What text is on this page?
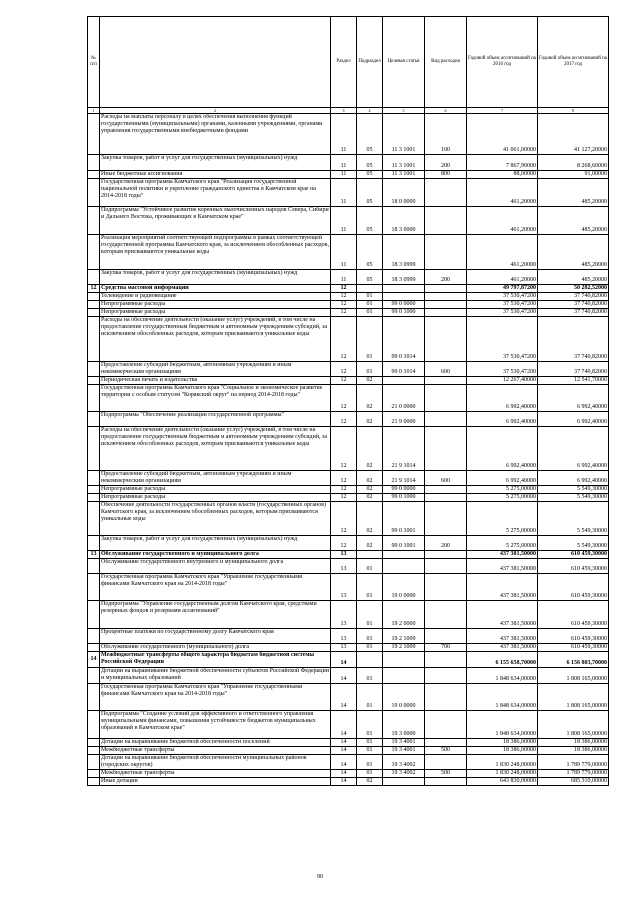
№ п/п		Раздел	Подраздел	Целевая статья	Вид расходов	Годовой объем ассигнований на 2016 год	Годовой объем ассигнований на 2017 год
1	2	3	4	5	6	7	8
	Расходы на выплаты персоналу в целях обеспечения выполнения функций государственными (муниципальными) органами, казенными учреждениями, органами управления государственными внебюджетными фондами	11	05	11 3 1001	100	41 061,00000	41 127,20000
	Закупка товаров, работ и услуг для государственных (муниципальных) нужд	11	05	11 3 1001	200	7 867,90000	8 268,60000
	Иные бюджетные ассигнования	11	05	11 3 1001	800	88,00000	91,00000
	Государственная программа Камчатского края "Реализация государственной национальной политики и укрепление гражданского единства в Камчатском крае на 2014-2018 годы"	11	05	18 0 0000		461,20000	485,20000
	Подпрограмма "Устойчивое развитие коренных малочисленных народов Севера, Сибири и Дальнего Востока, проживающих в Камчатском крае"	11	05	18 3 0000		461,20000	485,20000
	Реализация мероприятий соответствующей подпрограммы в рамках соответствующей государственной программы Камчатского края, за исключением обособленных расходов, которым присваиваются уникальные коды	11	05	18 3 0999		461,20000	485,20000
	Закупка товаров, работ и услуг для государственных (муниципальных) нужд	11	05	18 3 0999	200	461,20000	485,20000
12	Средства массовой информации	12				49 797,87200	50 282,52000
	Телевидение и радиовещание	12	01			37 530,47200	37 740,82000
	Непрограммные расходы	12	01	99 0 0000		37 530,47200	37 740,82000
	Непрограммные расходы	12	01	99 0 1000		37 530,47200	37 740,82000
	Расходы на обеспечение деятельности (оказание услуг) учреждений, в том числе на предоставление государственным бюджетным и автономным учреждениям субсидий, за исключением обособленных расходов, которым присваиваются уникальные коды	12	01	99 0 1014		37 530,47200	37 740,82000
	Предоставление субсидий бюджетным, автономным учреждениям и иным некоммерческим организациям	12	01	99 0 1014	600	37 530,47200	37 740,82000
	Периодическая печать и издательства	12	02			12 267,40000	12 541,70000
	Государственная программа Камчатского края "Социальное и экономическое развитие территории с особым статусом "Корякский округ" на период 2014-2018 годы"	12	02	21 0 0000		6 992,40000	6 992,40000
	Подпрограмма "Обеспечение реализации государственной программы"	12	02	21 9 0000		6 992,40000	6 992,40000
	Расходы на обеспечение деятельности (оказание услуг) учреждений, в том числе на предоставление государственным бюджетным и автономным учреждениям субсидий, за исключением обособленных расходов, которым присваиваются уникальные коды	12	02	21 9 1014		6 992,40000	6 992,40000
	Предоставление субсидий бюджетным, автономным учреждениям и иным некоммерческим организациям	12	02	21 9 1014	600	6 992,40000	6 992,40000
	Непрограммные расходы	12	02	99 0 0000		5 275,00000	5 549,30000
	Непрограммные расходы	12	02	99 0 1000		5 275,00000	5 549,30000
	Обеспечение деятельности государственных органов власти (государственных органов) Камчатского края, за исключением обособленных расходов, которым присваиваются уникальные коды	12	02	99 0 1001		5 275,00000	5 549,30000
	Закупка товаров, работ и услуг для государственных (муниципальных) нужд	12	02	99 0 1001	200	5 275,00000	5 549,30000
13	Обслуживание государственного и муниципального долга	13				437 381,50000	610 459,30000
	Обслуживание государственного внутреннего и муниципального долга	13	01			437 381,50000	610 459,30000
	Государственная программа Камчатского края "Управление государственными финансами Камчатского края на 2014-2018 годы"	13	01	19 0 0000		437 381,50000	610 459,30000
	Подпрограмма "Управление государственным долгом Камчатского края, средствами резервных фондов и резервами ассигнований"	13	01	19 2 0000		437 381,50000	610 459,30000
	Процентные платежи по государственному долгу Камчатского края	13	01	19 2 1009		437 381,50000	610 459,30000
	Обслуживание государственного (муниципального) долга	13	01	19 2 1009	700	437 381,50000	610 459,30000
14	Межбюджетные трансферты общего характера бюджетам бюджетной системы Российской Федерации	14				6 155 658,70000	6 156 803,70000
	Дотации на выравнивание бюджетной обеспеченности субъектов Российской Федерации и муниципальных образований	14	01			1 848 634,00000	1 808 165,00000
	Государственная программа Камчатского края "Управление государственными финансами Камчатского края на 2014-2018 годы"	14	01	19 0 0000		1 848 634,00000	1 808 165,00000
	Подпрограмма "Создание условий для эффективного и ответственного управления муниципальными финансами, повышения устойчивости бюджетов муниципальных образований в Камчатском крае"	14	01	19 3 0000		1 848 634,00000	1 808 165,00000
	Дотации на выравнивание бюджетной обеспеченности поселений	14	01	19 3 4001		18 386,00000	18 386,00000
	Межбюджетные трансферты	14	01	19 3 4001	500	18 386,00000	18 386,00000
	Дотации на выравнивание бюджетной обеспеченности муниципальных районов (городских округов)	14	01	19 3 4002		1 830 248,00000	1 789 779,00000
	Межбюджетные трансферты	14	01	19 3 4002	500	1 830 248,00000	1 789 779,00000
	Иные дотации	14	02			643 830,00000	685 310,00000
90
